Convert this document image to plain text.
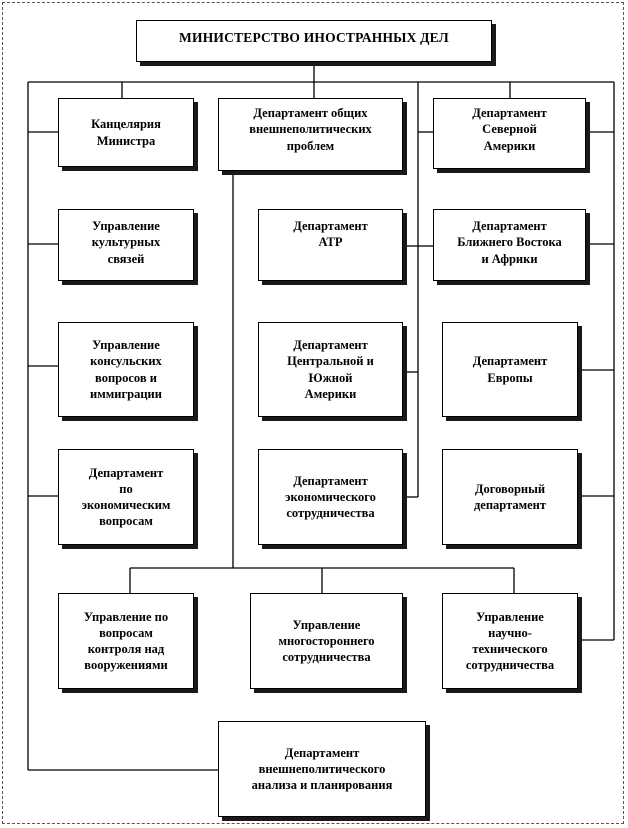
МИНИСТЕРСТВО ИНОСТРАННЫХ ДЕЛ
Канцелярия
Министра
Департамент общих
внешнеполитических
проблем
Департамент
Северной
Америки
Управление
культурных
связей
Департамент
АТР
Департамент
Ближнего Востока
и Африки
Управление
консульских
вопросов и
иммиграции
Департамент
Центральной и
Южной
Америки
Департамент
Европы
Департамент
по
экономическим
вопросам
Департамент
экономического
сотрудничества
Договорный
департамент
Управление по
вопросам
контроля над
вооружениями
Управление
многостороннего
сотрудничества
Управление
научно-
технического
сотрудничества
Департамент
внешнеполитического
анализа и планирования
